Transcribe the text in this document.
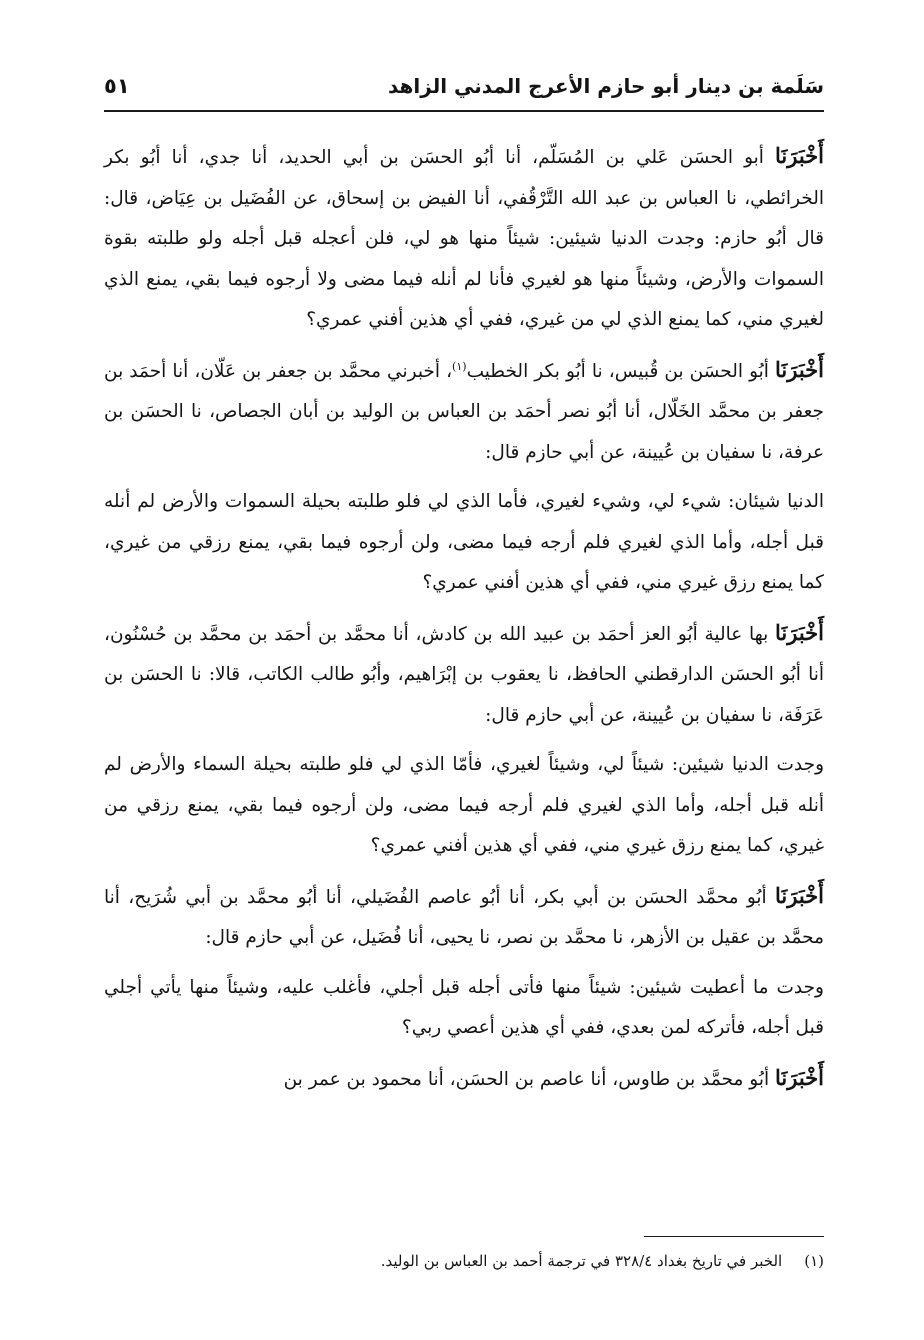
سَلَمة بن دينار أبو حازم الأعرج المدني الزاهد
٥١

أَخْبَرَنَا أبو الحسَن عَلي بن المُسَلّم، أنا أبُو الحسَن بن أبي الحديد، أنا جدي، أنا أبُو بكر الخرائطي، نا العباس بن عبد الله التَّرْقُفي، أنا الفيض بن إسحاق، عن الفُضَيل بن عِيَاض، قال: قال أبُو حازم: وجدت الدنيا شيئين: شيئاً منها هو لي، فلن أعجله قبل أجله ولو طلبته بقوة السموات والأرض، وشيئاً منها هو لغيري فأنا لم أنله فيما مضى ولا أرجوه فيما بقي، يمنع الذي لغيري مني، كما يمنع الذي لي من غيري، ففي أي هذين أفني عمري؟

أَخْبَرَنَا أبُو الحسَن بن قُبيس، نا أبُو بكر الخطيب$^{(١)}$، أخبرني محمَّد بن جعفر بن عَلّان، أنا أحمَد بن جعفر بن محمَّد الخَلّال، أنا أبُو نصر أحمَد بن العباس بن الوليد بن أبان الجصاص، نا الحسَن بن عرفة، نا سفيان بن عُيينة، عن أبي حازم قال:

الدنيا شيئان: شيء لي، وشيء لغيري، فأما الذي لي فلو طلبته بحيلة السموات والأرض لم أنله قبل أجله، وأما الذي لغيري فلم أرجه فيما مضى، ولن أرجوه فيما بقي، يمنع رزقي من غيري، كما يمنع رزق غيري مني، ففي أي هذين أفني عمري؟

أَخْبَرَنَا بها عالية أبُو العز أحمَد بن عبيد الله بن كادش، أنا محمَّد بن أحمَد بن محمَّد بن حُسْنُون، أنا أبُو الحسَن الدارقطني الحافظ، نا يعقوب بن إبْرَاهيم، وأبُو طالب الكاتب، قالا: نا الحسَن بن عَرَفَة، نا سفيان بن عُيينة، عن أبي حازم قال:

وجدت الدنيا شيئين: شيئاً لي، وشيئاً لغيري، فأمّا الذي لي فلو طلبته بحيلة السماء والأرض لم أنله قبل أجله، وأما الذي لغيري فلم أرجه فيما مضى، ولن أرجوه فيما بقي، يمنع رزقي من غيري، كما يمنع رزق غيري مني، ففي أي هذين أفني عمري؟

أَخْبَرَنَا أبُو محمَّد الحسَن بن أبي بكر، أنا أبُو عاصم الفُضَيلي، أنا أبُو محمَّد بن أبي شُرَيح، أنا محمَّد بن عقيل بن الأزهر، نا محمَّد بن نصر، نا يحيى، أنا فُضَيل، عن أبي حازم قال:

وجدت ما أعطيت شيئين: شيئاً منها فأتى أجله قبل أجلي، فأغلب عليه، وشيئاً منها يأتي أجلي قبل أجله، فأتركه لمن بعدي، ففي أي هذين أعصي ربي؟

أَخْبَرَنَا أبُو محمَّد بن طاوس، أنا عاصم بن الحسَن، أنا محمود بن عمر بن

(١)الخبر في تاريخ بغداد ٣٢٨/٤ في ترجمة أحمد بن العباس بن الوليد.
